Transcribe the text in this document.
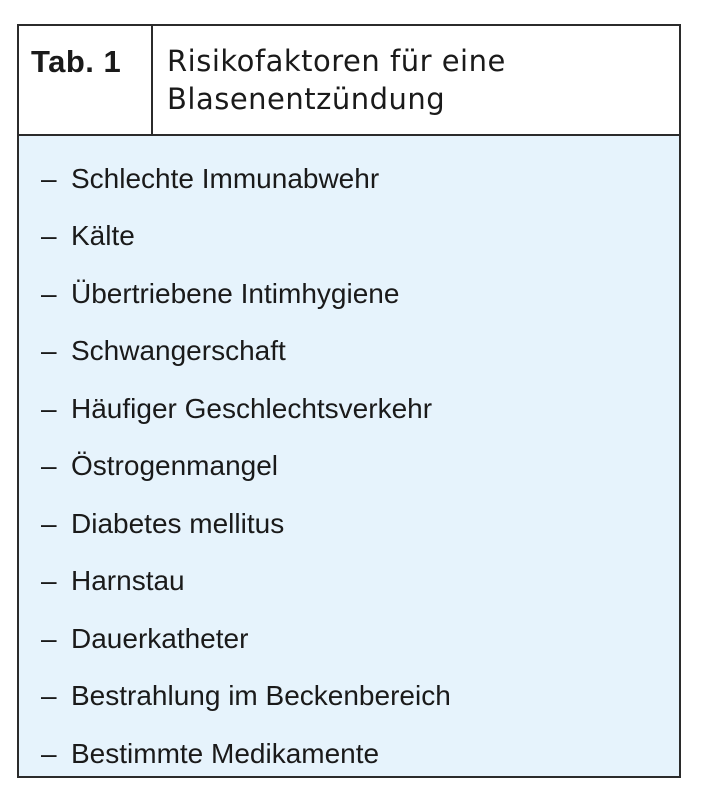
Tab. 1	Risikofaktoren für eine
Blasenentzündung
– Schlechte Immunabwehr
– Kälte
– Übertriebene Intimhygiene
– Schwangerschaft
– Häufiger Geschlechtsverkehr
– Östrogenmangel
– Diabetes mellitus
– Harnstau
– Dauerkatheter
– Bestrahlung im Beckenbereich
– Bestimmte Medikamente
